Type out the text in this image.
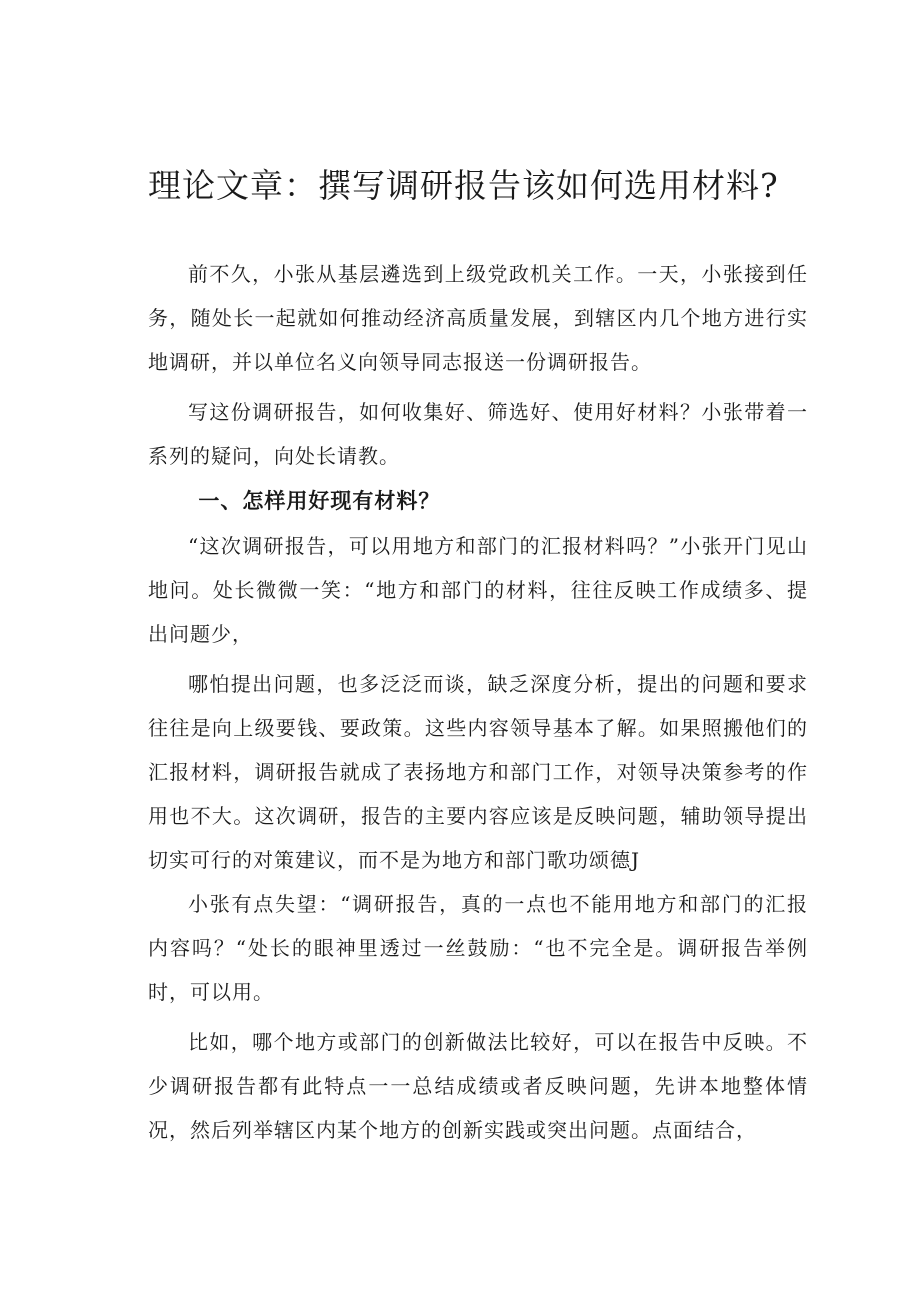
理论文章：撰写调研报告该如何选用材料?

前不久，小张从基层遴选到上级党政机关工作。一天，小张接到任务，随处长一起就如何推动经济高质量发展，到辖区内几个地方进行实地调研，并以单位名义向领导同志报送一份调研报告。

写这份调研报告，如何收集好、筛选好、使用好材料？小张带着一系列的疑问，向处长请教。

一、怎样用好现有材料？

“这次调研报告，可以用地方和部门的汇报材料吗？”小张开门见山地问。处长微微一笑：“地方和部门的材料，往往反映工作成绩多、提出问题少，

哪怕提出问题，也多泛泛而谈，缺乏深度分析，提出的问题和要求往往是向上级要钱、要政策。这些内容领导基本了解。如果照搬他们的汇报材料，调研报告就成了表扬地方和部门工作，对领导决策参考的作用也不大。这次调研，报告的主要内容应该是反映问题，辅助领导提出切实可行的对策建议，而不是为地方和部门歌功颂德J

小张有点失望：“调研报告，真的一点也不能用地方和部门的汇报内容吗？“处长的眼神里透过一丝鼓励：“也不完全是。调研报告举例时，可以用。

比如，哪个地方或部门的创新做法比较好，可以在报告中反映。不少调研报告都有此特点一一总结成绩或者反映问题，先讲本地整体情况，然后列举辖区内某个地方的创新实践或突出问题。点面结合，
